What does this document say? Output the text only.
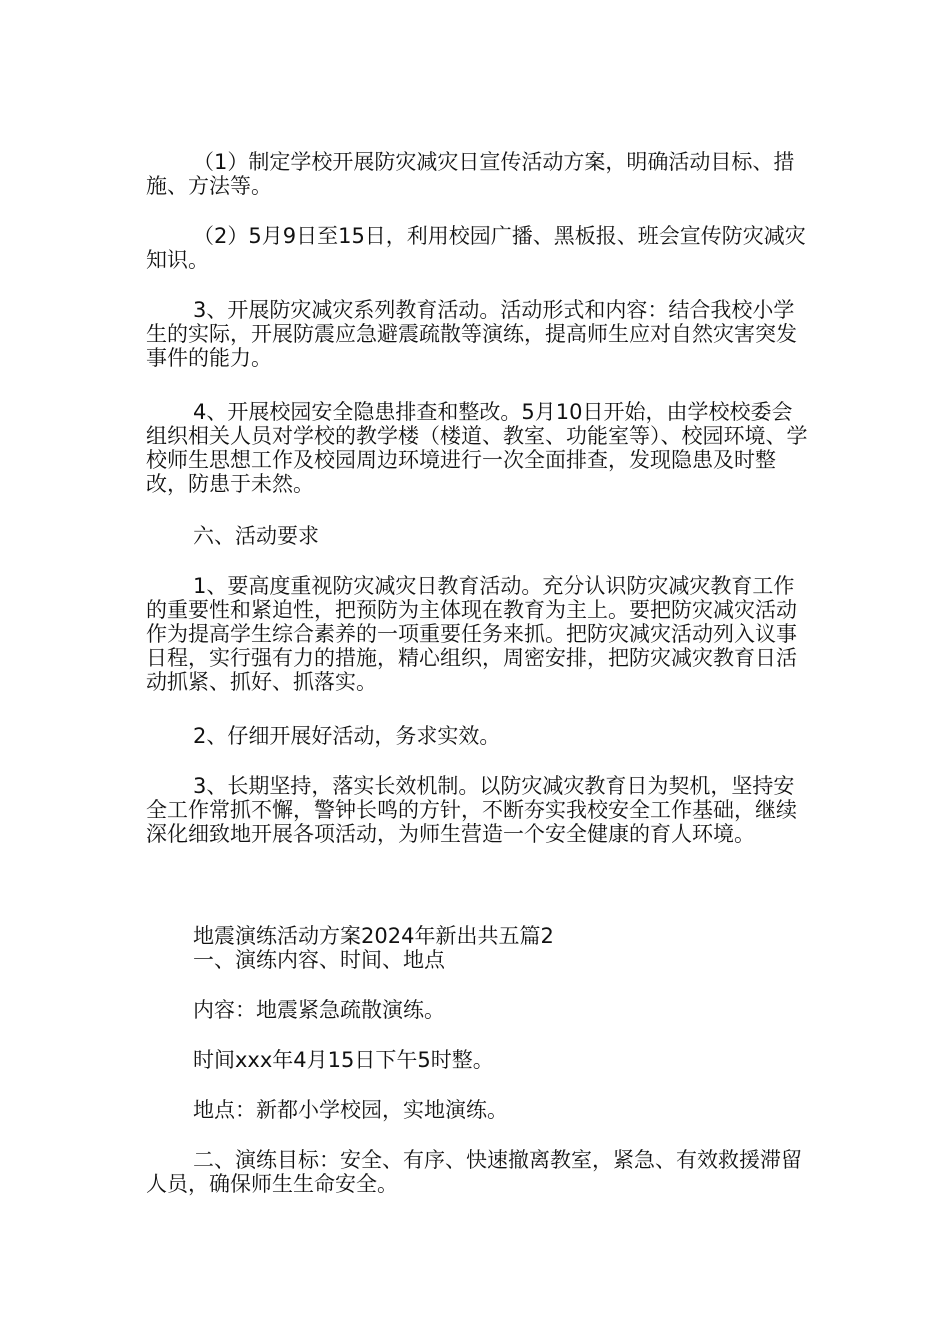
（1）制定学校开展防灾减灾日宣传活动方案，明确活动目标、措施、方法等。

（2）5月9日至15日，利用校园广播、黑板报、班会宣传防灾减灾知识。

3、开展防灾减灾系列教育活动。活动形式和内容：结合我校小学生的实际，开展防震应急避震疏散等演练，提高师生应对自然灾害突发事件的能力。

4、开展校园安全隐患排查和整改。5月10日开始，由学校校委会组织相关人员对学校的教学楼（楼道、教室、功能室等）、校园环境、学校师生思想工作及校园周边环境进行一次全面排查，发现隐患及时整改，防患于未然。

六、活动要求

1、要高度重视防灾减灾日教育活动。充分认识防灾减灾教育工作的重要性和紧迫性，把预防为主体现在教育为主上。要把防灾减灾活动作为提高学生综合素养的一项重要任务来抓。把防灾减灾活动列入议事日程，实行强有力的措施，精心组织，周密安排，把防灾减灾教育日活动抓紧、抓好、抓落实。

2、仔细开展好活动，务求实效。

3、长期坚持，落实长效机制。以防灾减灾教育日为契机，坚持安全工作常抓不懈，警钟长鸣的方针，不断夯实我校安全工作基础，继续深化细致地开展各项活动，为师生营造一个安全健康的育人环境。

地震演练活动方案2024年新出共五篇2

一、演练内容、时间、地点

内容：地震紧急疏散演练。

时间xxx年4月15日下午5时整。

地点：新都小学校园，实地演练。

二、演练目标：安全、有序、快速撤离教室，紧急、有效救援滞留人员，确保师生生命安全。
